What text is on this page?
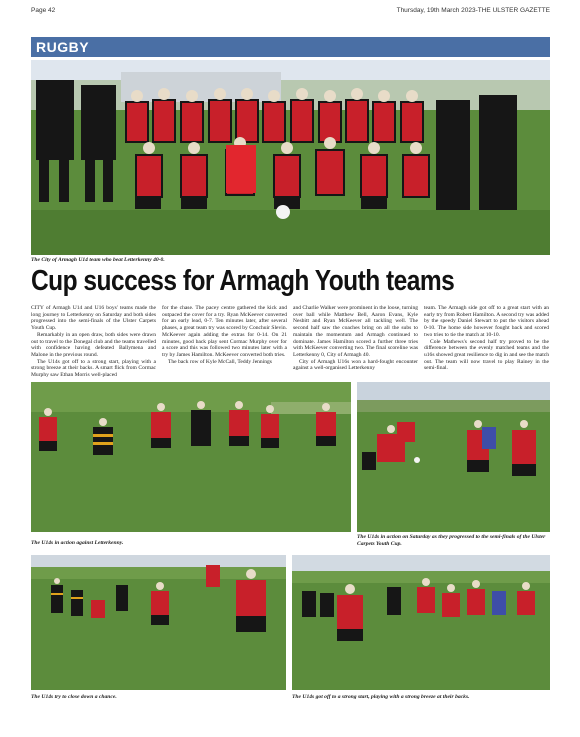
Page 42	Thursday, 19th March 2023-THE ULSTER GAZETTE
RUGBY
The City of Armagh U14 team who beat Letterkenny 40-0.
Cup success for Armagh Youth teams

CITY of Armagh U14 and U16 boys' teams made the long journey to Letterkenny on Saturday and both sides progressed into the semi-finals of the Ulster Carpets Youth Cup.

Remarkably in an open draw, both sides were drawn out to travel to the Donegal club and the teams travelled with confidence having defeated Ballymena and Malone in the previous round.

The U14s got off to a strong start, playing with a strong breeze at their backs. A smart flick from Cormac Murphy saw Ethan Morris well-placed

for the chase. The pacey centre gathered the kick and outpaced the cover for a try. Ryan McKeever converted for an early lead, 0-7. Ten minutes later, after several phases, a great team try was scored by Conchuir Slevin. McKeever again adding the extras for 0-14. On 21 minutes, good back play sent Cormac Murphy over for a score and this was followed two minutes later with a try by James Hamilton. McKeever converted both tries.

The back row of Kyle McCall, Teddy Jennings

and Charlie Walker were prominent in the loose, turning over ball while Matthew Bell, Aaron Evans, Kyle Nesbitt and Ryan McKeever all tackling well. The second half saw the coaches bring on all the subs to maintain the momentum and Armagh continued to dominate. James Hamilton scored a further three tries with McKeever converting two. The final scoreline was Letterkenny 0, City of Armagh 40.

City of Armagh U16s won a hard-fought encounter against a well-organised Letterkenny

team. The Armagh side got off to a great start with an early try from Robert Hamilton. A second try was added by the speedy Daniel Stewart to put the visitors ahead 0-10. The home side however fought back and scored two tries to tie the match at 10-10.

Cole Mathews's second half try proved to be the difference between the evenly matched teams and the u16s showed great resilience to dig in and see the match out. The team will now travel to play Rainey in the semi-final.

The U14s in action against Letterkenny.
The U14s in action on Saturday as they progressed to the semi-finals of the Ulster Carpets Youth Cup.
The U14s try to close down a chance.	The U14s got off to a strong start, playing with a strong breeze at their backs.
